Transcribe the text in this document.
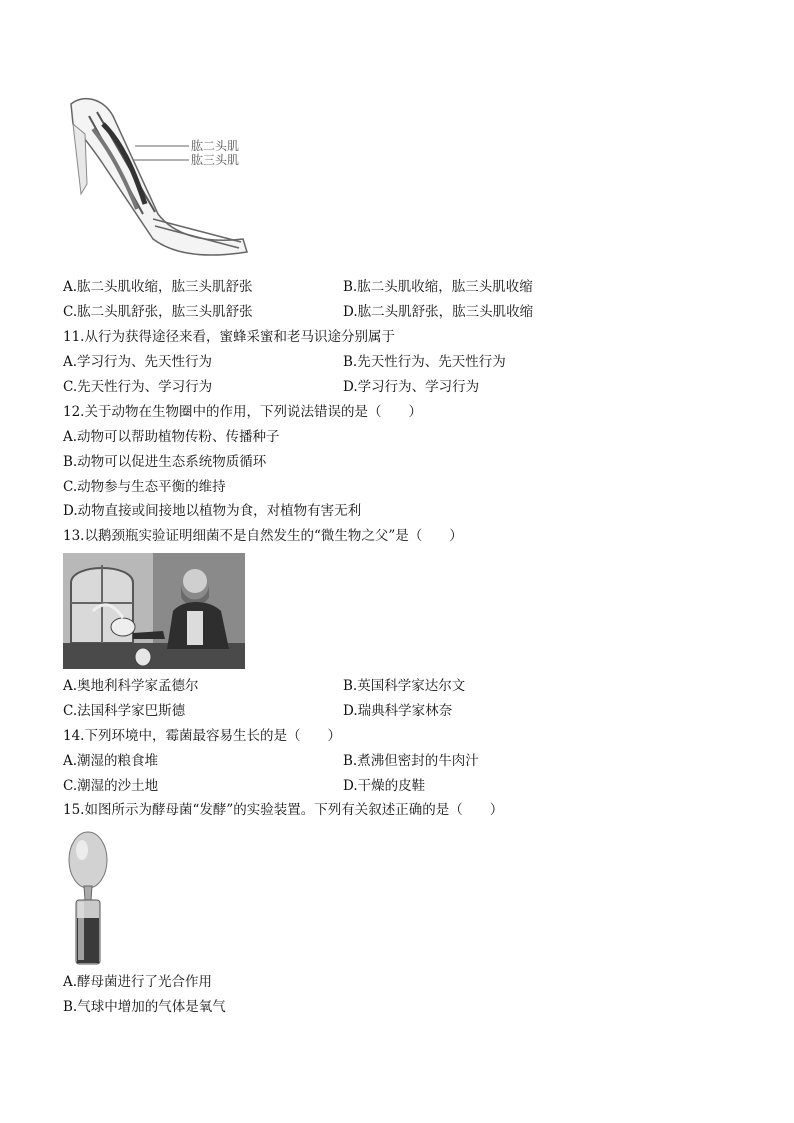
肱二头肌
肱三头肌
A.肱二头肌收缩，肱三头肌舒张	B.肱二头肌收缩，肱三头肌收缩
C.肱二头肌舒张，肱三头肌舒张	D.肱二头肌舒张，肱三头肌收缩
11.从行为获得途径来看，蜜蜂采蜜和老马识途分别属于
A.学习行为、先天性行为	B.先天性行为、先天性行为
C.先天性行为、学习行为	D.学习行为、学习行为
12.关于动物在生物圈中的作用，下列说法错误的是（　　）
A.动物可以帮助植物传粉、传播种子
B.动物可以促进生态系统物质循环
C.动物参与生态平衡的维持
D.动物直接或间接地以植物为食，对植物有害无利
13.以鹅颈瓶实验证明细菌不是自然发生的“微生物之父”是（　　）
A.奥地利科学家孟德尔	B.英国科学家达尔文
C.法国科学家巴斯德	D.瑞典科学家林奈
14.下列环境中，霉菌最容易生长的是（　　）
A.潮湿的粮食堆	B.煮沸但密封的牛肉汁
C.潮湿的沙土地	D.干燥的皮鞋
15.如图所示为酵母菌“发酵”的实验装置。下列有关叙述正确的是（　　）
A.酵母菌进行了光合作用
B.气球中增加的气体是氧气
